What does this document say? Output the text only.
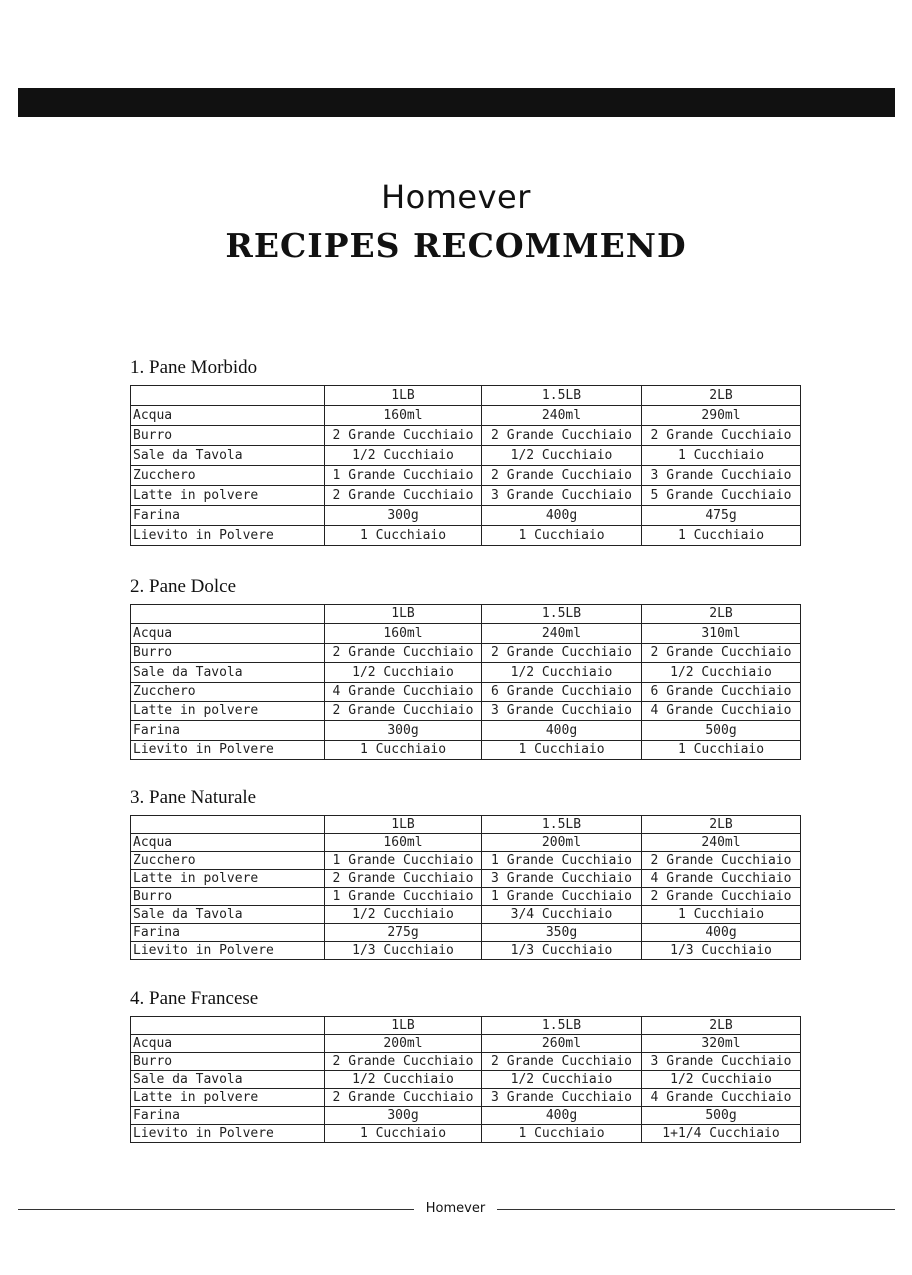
Homever
RECIPES RECOMMEND
1. Pane Morbido
	1LB	1.5LB	2LB
Acqua	160ml	240ml	290ml
Burro	2 Grande Cucchiaio	2 Grande Cucchiaio	2 Grande Cucchiaio
Sale da Tavola	1/2 Cucchiaio	1/2 Cucchiaio	1 Cucchiaio
Zucchero	1 Grande Cucchiaio	2 Grande Cucchiaio	3 Grande Cucchiaio
Latte in polvere	2 Grande Cucchiaio	3 Grande Cucchiaio	5 Grande Cucchiaio
Farina	300g	400g	475g
Lievito in Polvere	1 Cucchiaio	1 Cucchiaio	1 Cucchiaio
2. Pane Dolce
	1LB	1.5LB	2LB
Acqua	160ml	240ml	310ml
Burro	2 Grande Cucchiaio	2 Grande Cucchiaio	2 Grande Cucchiaio
Sale da Tavola	1/2 Cucchiaio	1/2 Cucchiaio	1/2 Cucchiaio
Zucchero	4 Grande Cucchiaio	6 Grande Cucchiaio	6 Grande Cucchiaio
Latte in polvere	2 Grande Cucchiaio	3 Grande Cucchiaio	4 Grande Cucchiaio
Farina	300g	400g	500g
Lievito in Polvere	1 Cucchiaio	1 Cucchiaio	1 Cucchiaio
3. Pane Naturale
	1LB	1.5LB	2LB
Acqua	160ml	200ml	240ml
Zucchero	1 Grande Cucchiaio	1 Grande Cucchiaio	2 Grande Cucchiaio
Latte in polvere	2 Grande Cucchiaio	3 Grande Cucchiaio	4 Grande Cucchiaio
Burro	1 Grande Cucchiaio	1 Grande Cucchiaio	2 Grande Cucchiaio
Sale da Tavola	1/2 Cucchiaio	3/4 Cucchiaio	1 Cucchiaio
Farina	275g	350g	400g
Lievito in Polvere	1/3 Cucchiaio	1/3 Cucchiaio	1/3 Cucchiaio
4. Pane Francese
	1LB	1.5LB	2LB
Acqua	200ml	260ml	320ml
Burro	2 Grande Cucchiaio	2 Grande Cucchiaio	3 Grande Cucchiaio
Sale da Tavola	1/2 Cucchiaio	1/2 Cucchiaio	1/2 Cucchiaio
Latte in polvere	2 Grande Cucchiaio	3 Grande Cucchiaio	4 Grande Cucchiaio
Farina	300g	400g	500g
Lievito in Polvere	1 Cucchiaio	1 Cucchiaio	1+1/4 Cucchiaio
Homever
